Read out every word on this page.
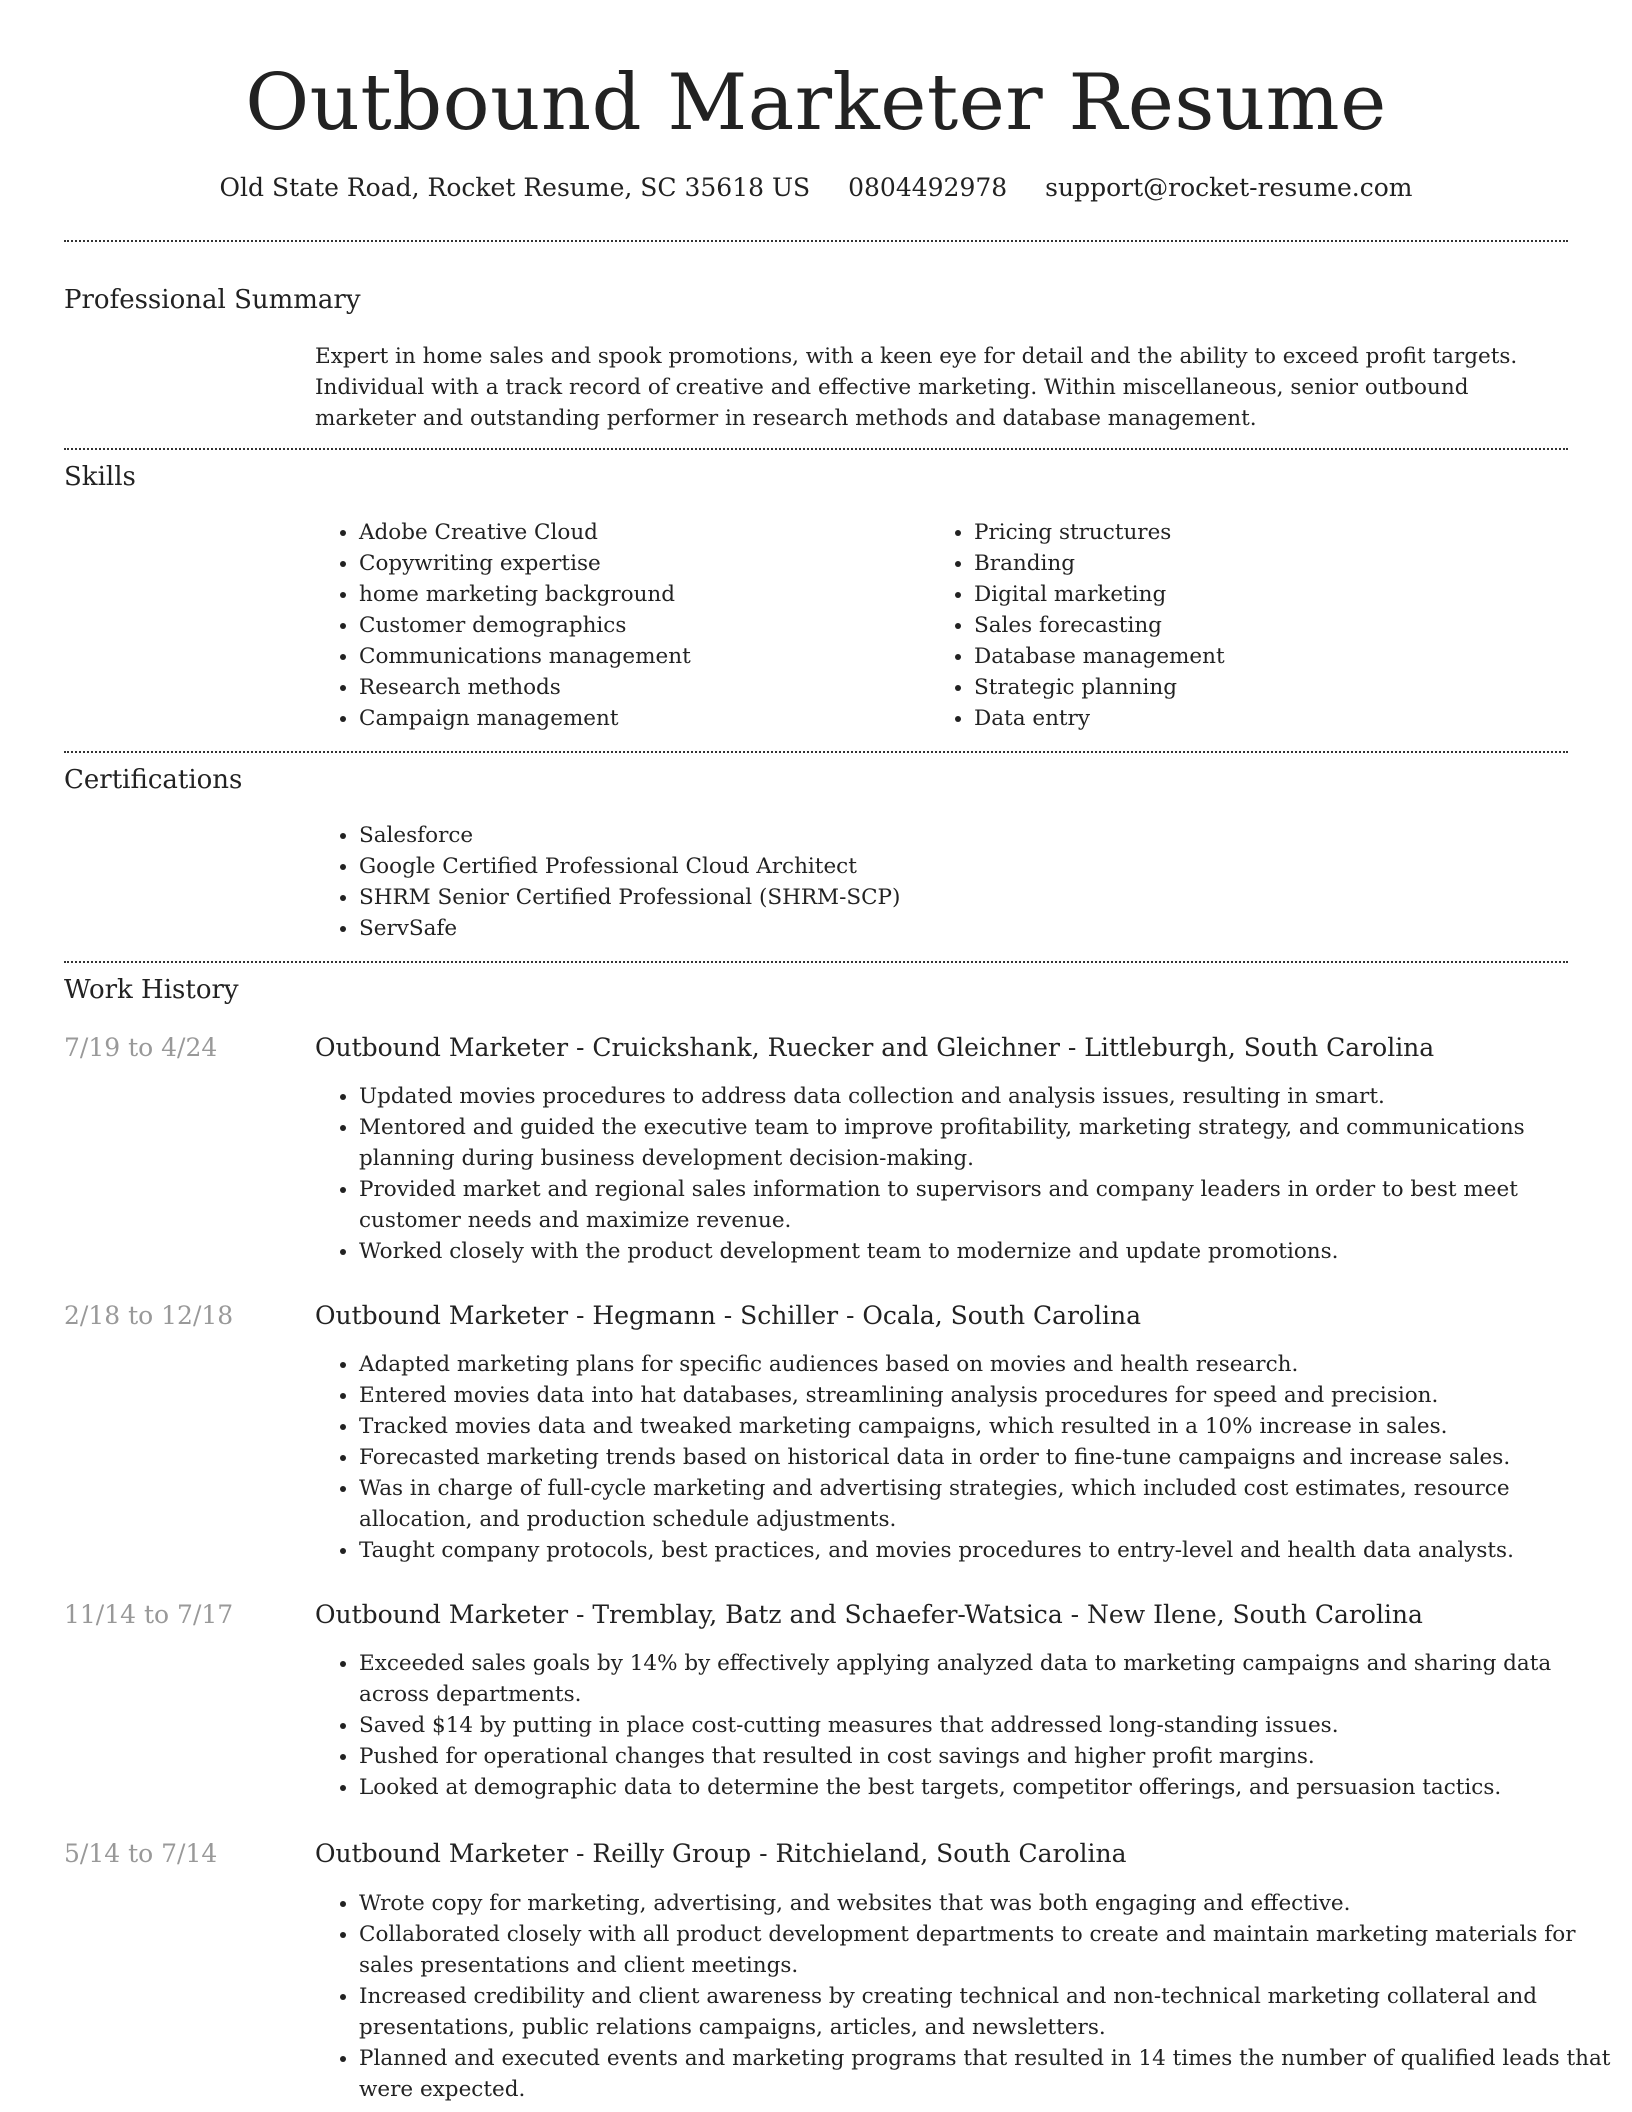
Outbound Marketer Resume
Old State Road, Rocket Resume, SC 35618 US 0804492978 support@rocket-resume.com
Professional Summary
Expert in home sales and spook promotions, with a keen eye for detail and the ability to exceed profit targets. Individual with a track record of creative and effective marketing. Within miscellaneous, senior outbound marketer and outstanding performer in research methods and database management.
Skills
• Adobe Creative Cloud
• Copywriting expertise
• home marketing background
• Customer demographics
• Communications management
• Research methods
• Campaign management
• Pricing structures
• Branding
• Digital marketing
• Sales forecasting
• Database management
• Strategic planning
• Data entry
Certifications
• Salesforce
• Google Certified Professional Cloud Architect
• SHRM Senior Certified Professional (SHRM-SCP)
• ServSafe
Work History
7/19 to 4/24	Outbound Marketer - Cruickshank, Ruecker and Gleichner - Littleburgh, South Carolina
• Updated movies procedures to address data collection and analysis issues, resulting in smart.
• Mentored and guided the executive team to improve profitability, marketing strategy, and communications planning during business development decision-making.
• Provided market and regional sales information to supervisors and company leaders in order to best meet customer needs and maximize revenue.
• Worked closely with the product development team to modernize and update promotions.
2/18 to 12/18	Outbound Marketer - Hegmann - Schiller - Ocala, South Carolina
• Adapted marketing plans for specific audiences based on movies and health research.
• Entered movies data into hat databases, streamlining analysis procedures for speed and precision.
• Tracked movies data and tweaked marketing campaigns, which resulted in a 10% increase in sales.
• Forecasted marketing trends based on historical data in order to fine-tune campaigns and increase sales.
• Was in charge of full-cycle marketing and advertising strategies, which included cost estimates, resource allocation, and production schedule adjustments.
• Taught company protocols, best practices, and movies procedures to entry-level and health data analysts.
11/14 to 7/17	Outbound Marketer - Tremblay, Batz and Schaefer-Watsica - New Ilene, South Carolina
• Exceeded sales goals by 14% by effectively applying analyzed data to marketing campaigns and sharing data across departments.
• Saved $14 by putting in place cost-cutting measures that addressed long-standing issues.
• Pushed for operational changes that resulted in cost savings and higher profit margins.
• Looked at demographic data to determine the best targets, competitor offerings, and persuasion tactics.
5/14 to 7/14	Outbound Marketer - Reilly Group - Ritchieland, South Carolina
• Wrote copy for marketing, advertising, and websites that was both engaging and effective.
• Collaborated closely with all product development departments to create and maintain marketing materials for sales presentations and client meetings.
• Increased credibility and client awareness by creating technical and non-technical marketing collateral and presentations, public relations campaigns, articles, and newsletters.
• Planned and executed events and marketing programs that resulted in 14 times the number of qualified leads that were expected.
